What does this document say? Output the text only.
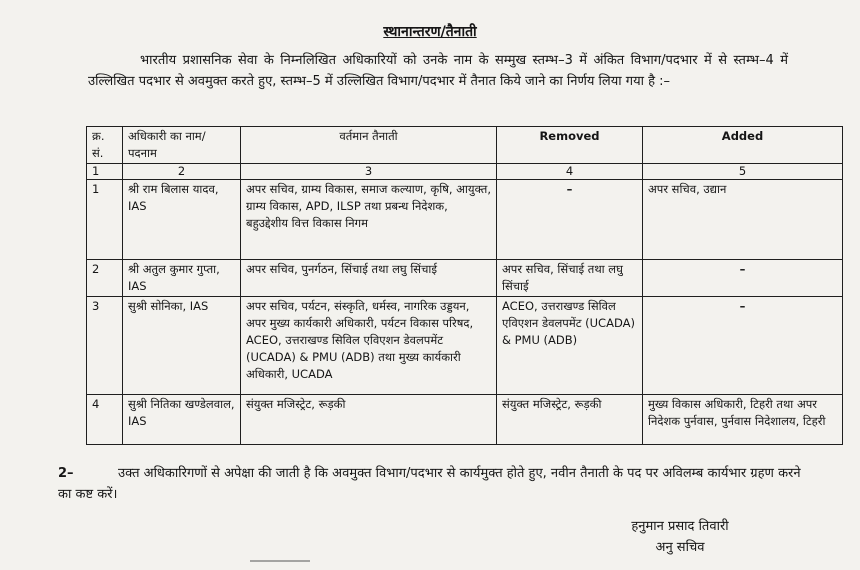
स्थानान्तरण/तैनाती
भारतीय प्रशासनिक सेवा के निम्नलिखित अधिकारियों को उनके नाम के सम्मुख स्तम्भ–3 में अंकित विभाग/पदभार में से स्तम्भ–4 में उल्लिखित पदभार से अवमुक्त करते हुए, स्तम्भ–5 में उल्लिखित विभाग/पदभार में तैनात किये जाने का निर्णय लिया गया है :–
क्र. सं.	अधिकारी का नाम/ पदनाम	वर्तमान तैनाती	Removed	Added
1	2	3	4	5
1	श्री राम बिलास यादव, IAS	अपर सचिव, ग्राम्य विकास, समाज कल्याण, कृषि, आयुक्त, ग्राम्य विकास, APD, ILSP तथा प्रबन्ध निदेशक, बहुउद्देशीय वित्त विकास निगम	–	अपर सचिव, उद्यान
2	श्री अतुल कुमार गुप्ता, IAS	अपर सचिव, पुनर्गठन, सिंचाई तथा लघु सिंचाई	अपर सचिव, सिंचाई तथा लघु सिंचाई	–

3	सुश्री सोनिका, IAS	अपर सचिव, पर्यटन, संस्कृति, धर्मस्व, नागरिक उड्डयन, अपर मुख्य कार्यकारी अधिकारी, पर्यटन विकास परिषद, ACEO, उत्तराखण्ड सिविल एविएशन डेवलपमेंट (UCADA) & PMU (ADB) तथा मुख्य कार्यकारी अधिकारी, UCADA	ACEO, उत्तराखण्ड सिविल एविएशन डेवलपमेंट (UCADA) & PMU (ADB)	–

4	सुश्री नितिका खण्डेलवाल, IAS	संयुक्त मजिस्ट्रेट, रूड़की	संयुक्त मजिस्ट्रेट, रूड़की	मुख्य विकास अधिकारी, टिहरी तथा अपर निदेशक पुर्नवास, पुर्नवास निदेशालय, टिहरी
2–	उक्त अधिकारिगणों से अपेक्षा की जाती है कि अवमुक्त विभाग/पदभार से कार्यमुक्त होते हुए, नवीन तैनाती के पद पर अविलम्ब कार्यभार ग्रहण करने का कष्ट करें।
हनुमान प्रसाद तिवारी
अनु सचिव
